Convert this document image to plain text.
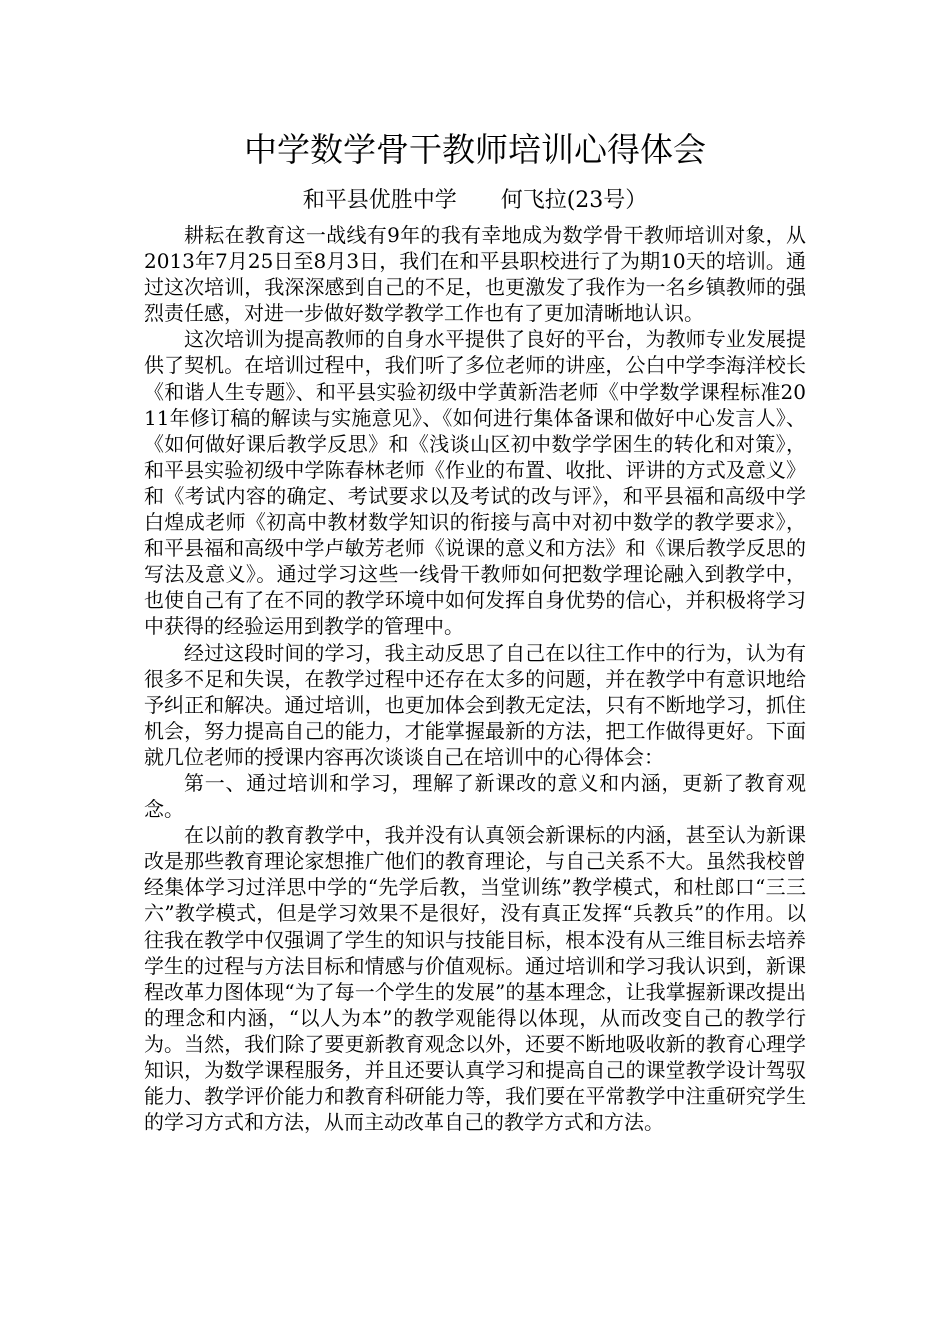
中学数学骨干教师培训心得体会
和平县优胜中学　　何飞拉(23号）

耕耘在教育这一战线有9年的我有幸地成为数学骨干教师培训对象，从2013年7月25日至8月3日，我们在和平县职校进行了为期10天的培训。通过这次培训，我深深感到自己的不足，也更激发了我作为一名乡镇教师的强烈责任感，对进一步做好数学教学工作也有了更加清晰地认识。

这次培训为提高教师的自身水平提供了良好的平台，为教师专业发展提供了契机。在培训过程中，我们听了多位老师的讲座，公白中学李海洋校长《和谐人生专题》、和平县实验初级中学黄新浩老师《中学数学课程标准2011年修订稿的解读与实施意见》、《如何进行集体备课和做好中心发言人》、《如何做好课后教学反思》和《浅谈山区初中数学学困生的转化和对策》，和平县实验初级中学陈春林老师《作业的布置、收批、评讲的方式及意义》和《考试内容的确定、考试要求以及考试的改与评》，和平县福和高级中学白煌成老师《初高中教材数学知识的衔接与高中对初中数学的教学要求》，和平县福和高级中学卢敏芳老师《说课的意义和方法》和《课后教学反思的写法及意义》。通过学习这些一线骨干教师如何把数学理论融入到教学中，也使自己有了在不同的教学环境中如何发挥自身优势的信心，并积极将学习中获得的经验运用到教学的管理中。

经过这段时间的学习，我主动反思了自己在以往工作中的行为，认为有很多不足和失误，在教学过程中还存在太多的问题，并在教学中有意识地给予纠正和解决。通过培训，也更加体会到教无定法，只有不断地学习，抓住机会，努力提高自己的能力，才能掌握最新的方法，把工作做得更好。下面就几位老师的授课内容再次谈谈自己在培训中的心得体会：

第一、通过培训和学习，理解了新课改的意义和内涵，更新了教育观念。

在以前的教育教学中，我并没有认真领会新课标的内涵，甚至认为新课改是那些教育理论家想推广他们的教育理论，与自己关系不大。虽然我校曾经集体学习过洋思中学的“先学后教，当堂训练”教学模式，和杜郎口“三三六”教学模式，但是学习效果不是很好，没有真正发挥“兵教兵”的作用。以往我在教学中仅强调了学生的知识与技能目标，根本没有从三维目标去培养学生的过程与方法目标和情感与价值观标。通过培训和学习我认识到，新课程改革力图体现“为了每一个学生的发展”的基本理念，让我掌握新课改提出的理念和内涵，“以人为本”的教学观能得以体现，从而改变自己的教学行为。当然，我们除了要更新教育观念以外，还要不断地吸收新的教育心理学知识，为数学课程服务，并且还要认真学习和提高自己的课堂教学设计驾驭能力、教学评价能力和教育科研能力等，我们要在平常教学中注重研究学生的学习方式和方法，从而主动改革自己的教学方式和方法。
